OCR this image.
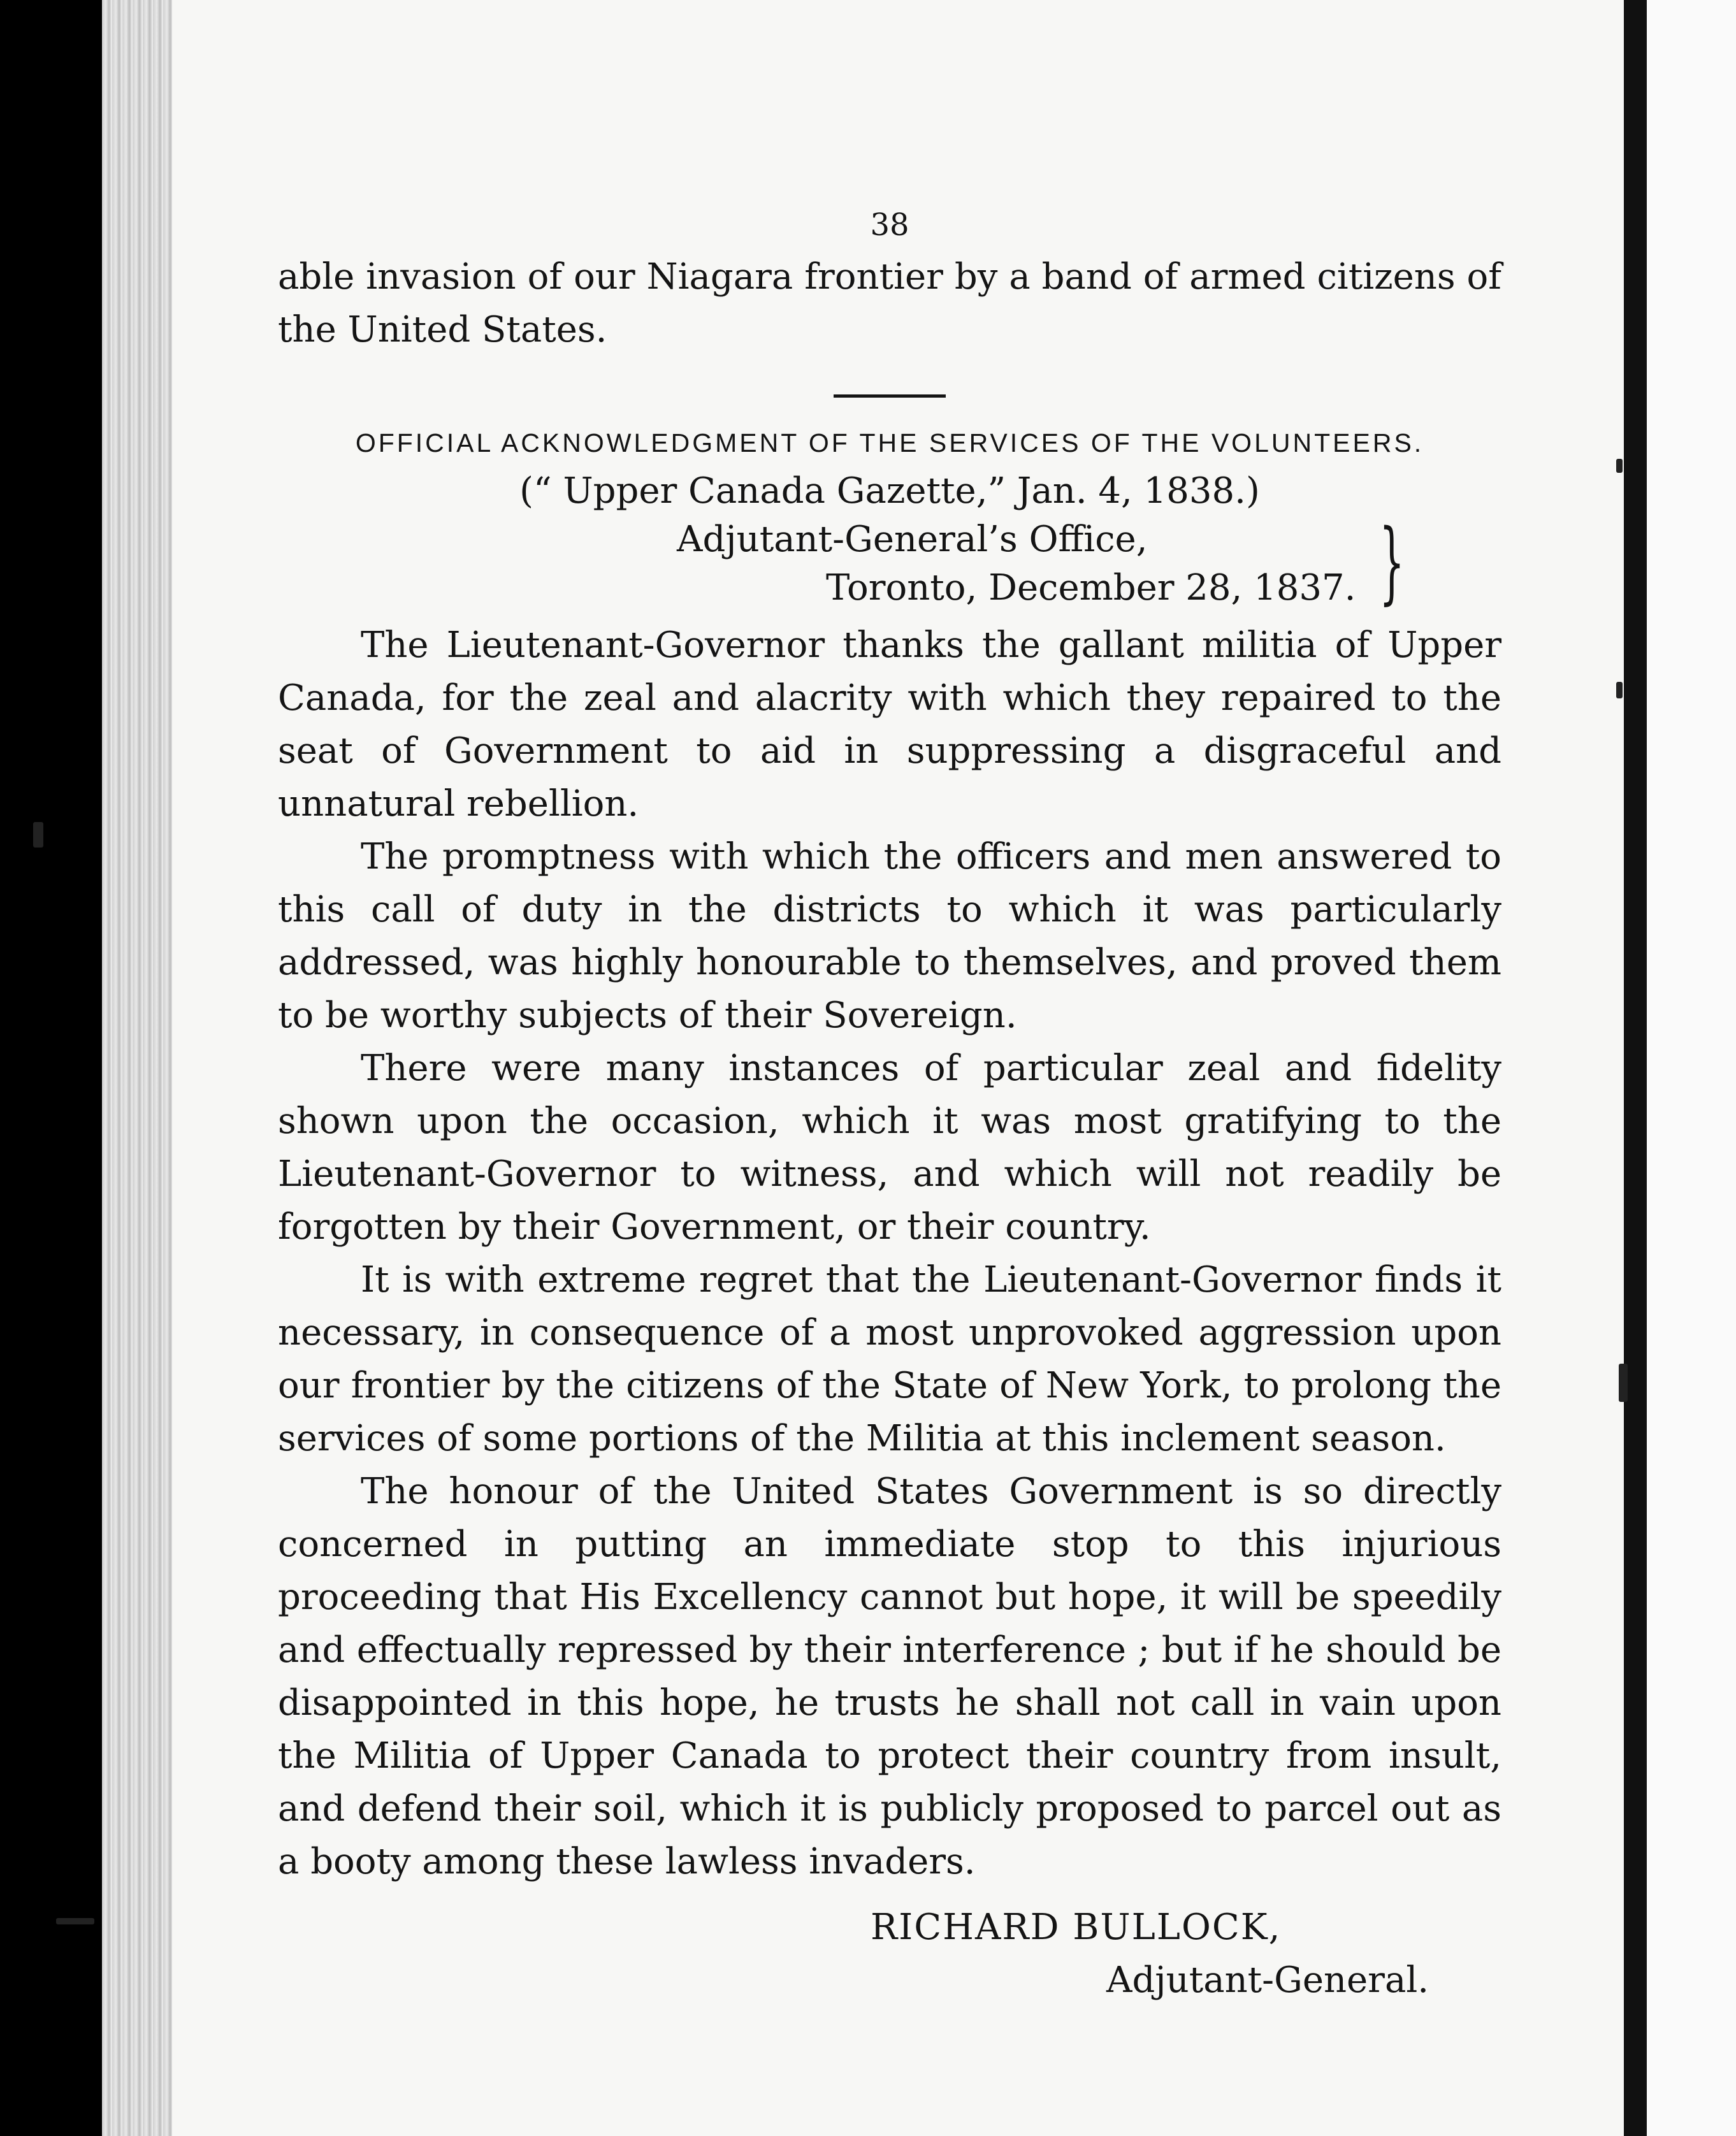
38

able invasion of our Niagara frontier by a band of armed citizens of the United States.

OFFICIAL ACKNOWLEDGMENT OF THE SERVICES OF THE VOLUNTEERS.

(“ Upper Canada Gazette,” Jan. 4, 1838.)

Adjutant-General’s Office,
Toronto, December 28, 1837. }

The Lieutenant-Governor thanks the gallant militia of Upper Canada, for the zeal and alacrity with which they repaired to the seat of Government to aid in suppressing a disgraceful and unnatural rebellion.

The promptness with which the officers and men answered to this call of duty in the districts to which it was particularly addressed, was highly honourable to themselves, and proved them to be worthy subjects of their Sovereign.

There were many instances of particular zeal and fidelity shown upon the occasion, which it was most gratifying to the Lieutenant-Governor to witness, and which will not readily be forgotten by their Government, or their country.

It is with extreme regret that the Lieutenant-Governor finds it necessary, in consequence of a most unprovoked aggression upon our frontier by the citizens of the State of New York, to prolong the services of some portions of the Militia at this inclement season.

The honour of the United States Government is so directly concerned in putting an immediate stop to this injurious proceeding that His Excellency cannot but hope, it will be speedily and effectually repressed by their interference ; but if he should be disappointed in this hope, he trusts he shall not call in vain upon the Militia of Upper Canada to protect their country from insult, and defend their soil, which it is publicly proposed to parcel out as a booty among these lawless invaders.

RICHARD BULLOCK,

Adjutant-General.
